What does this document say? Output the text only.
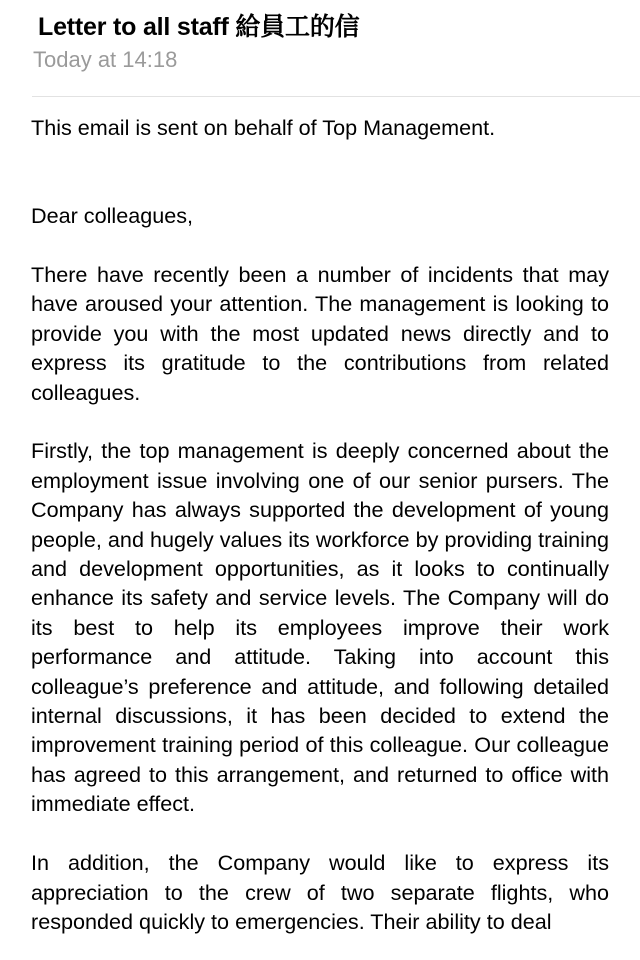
Letter to all staff 給員工的信
Today at 14:18

This email is sent on behalf of Top Management.

Dear colleagues,

There have recently been a number of incidents that may have aroused your attention. The management is looking to provide you with the most updated news directly and to express its gratitude to the contributions from related colleagues.

Firstly, the top management is deeply concerned about the employment issue involving one of our senior pursers. The Company has always supported the development of young people, and hugely values its workforce by providing training and development opportunities, as it looks to continually enhance its safety and service levels. The Company will do its best to help its employees improve their work performance and attitude. Taking into account this colleague’s preference and attitude, and following detailed internal discussions, it has been decided to extend the improvement training period of this colleague. Our colleague has agreed to this arrangement, and returned to office with immediate effect.

In addition, the Company would like to express its appreciation to the crew of two separate flights, who responded quickly to emergencies. Their ability to deal
